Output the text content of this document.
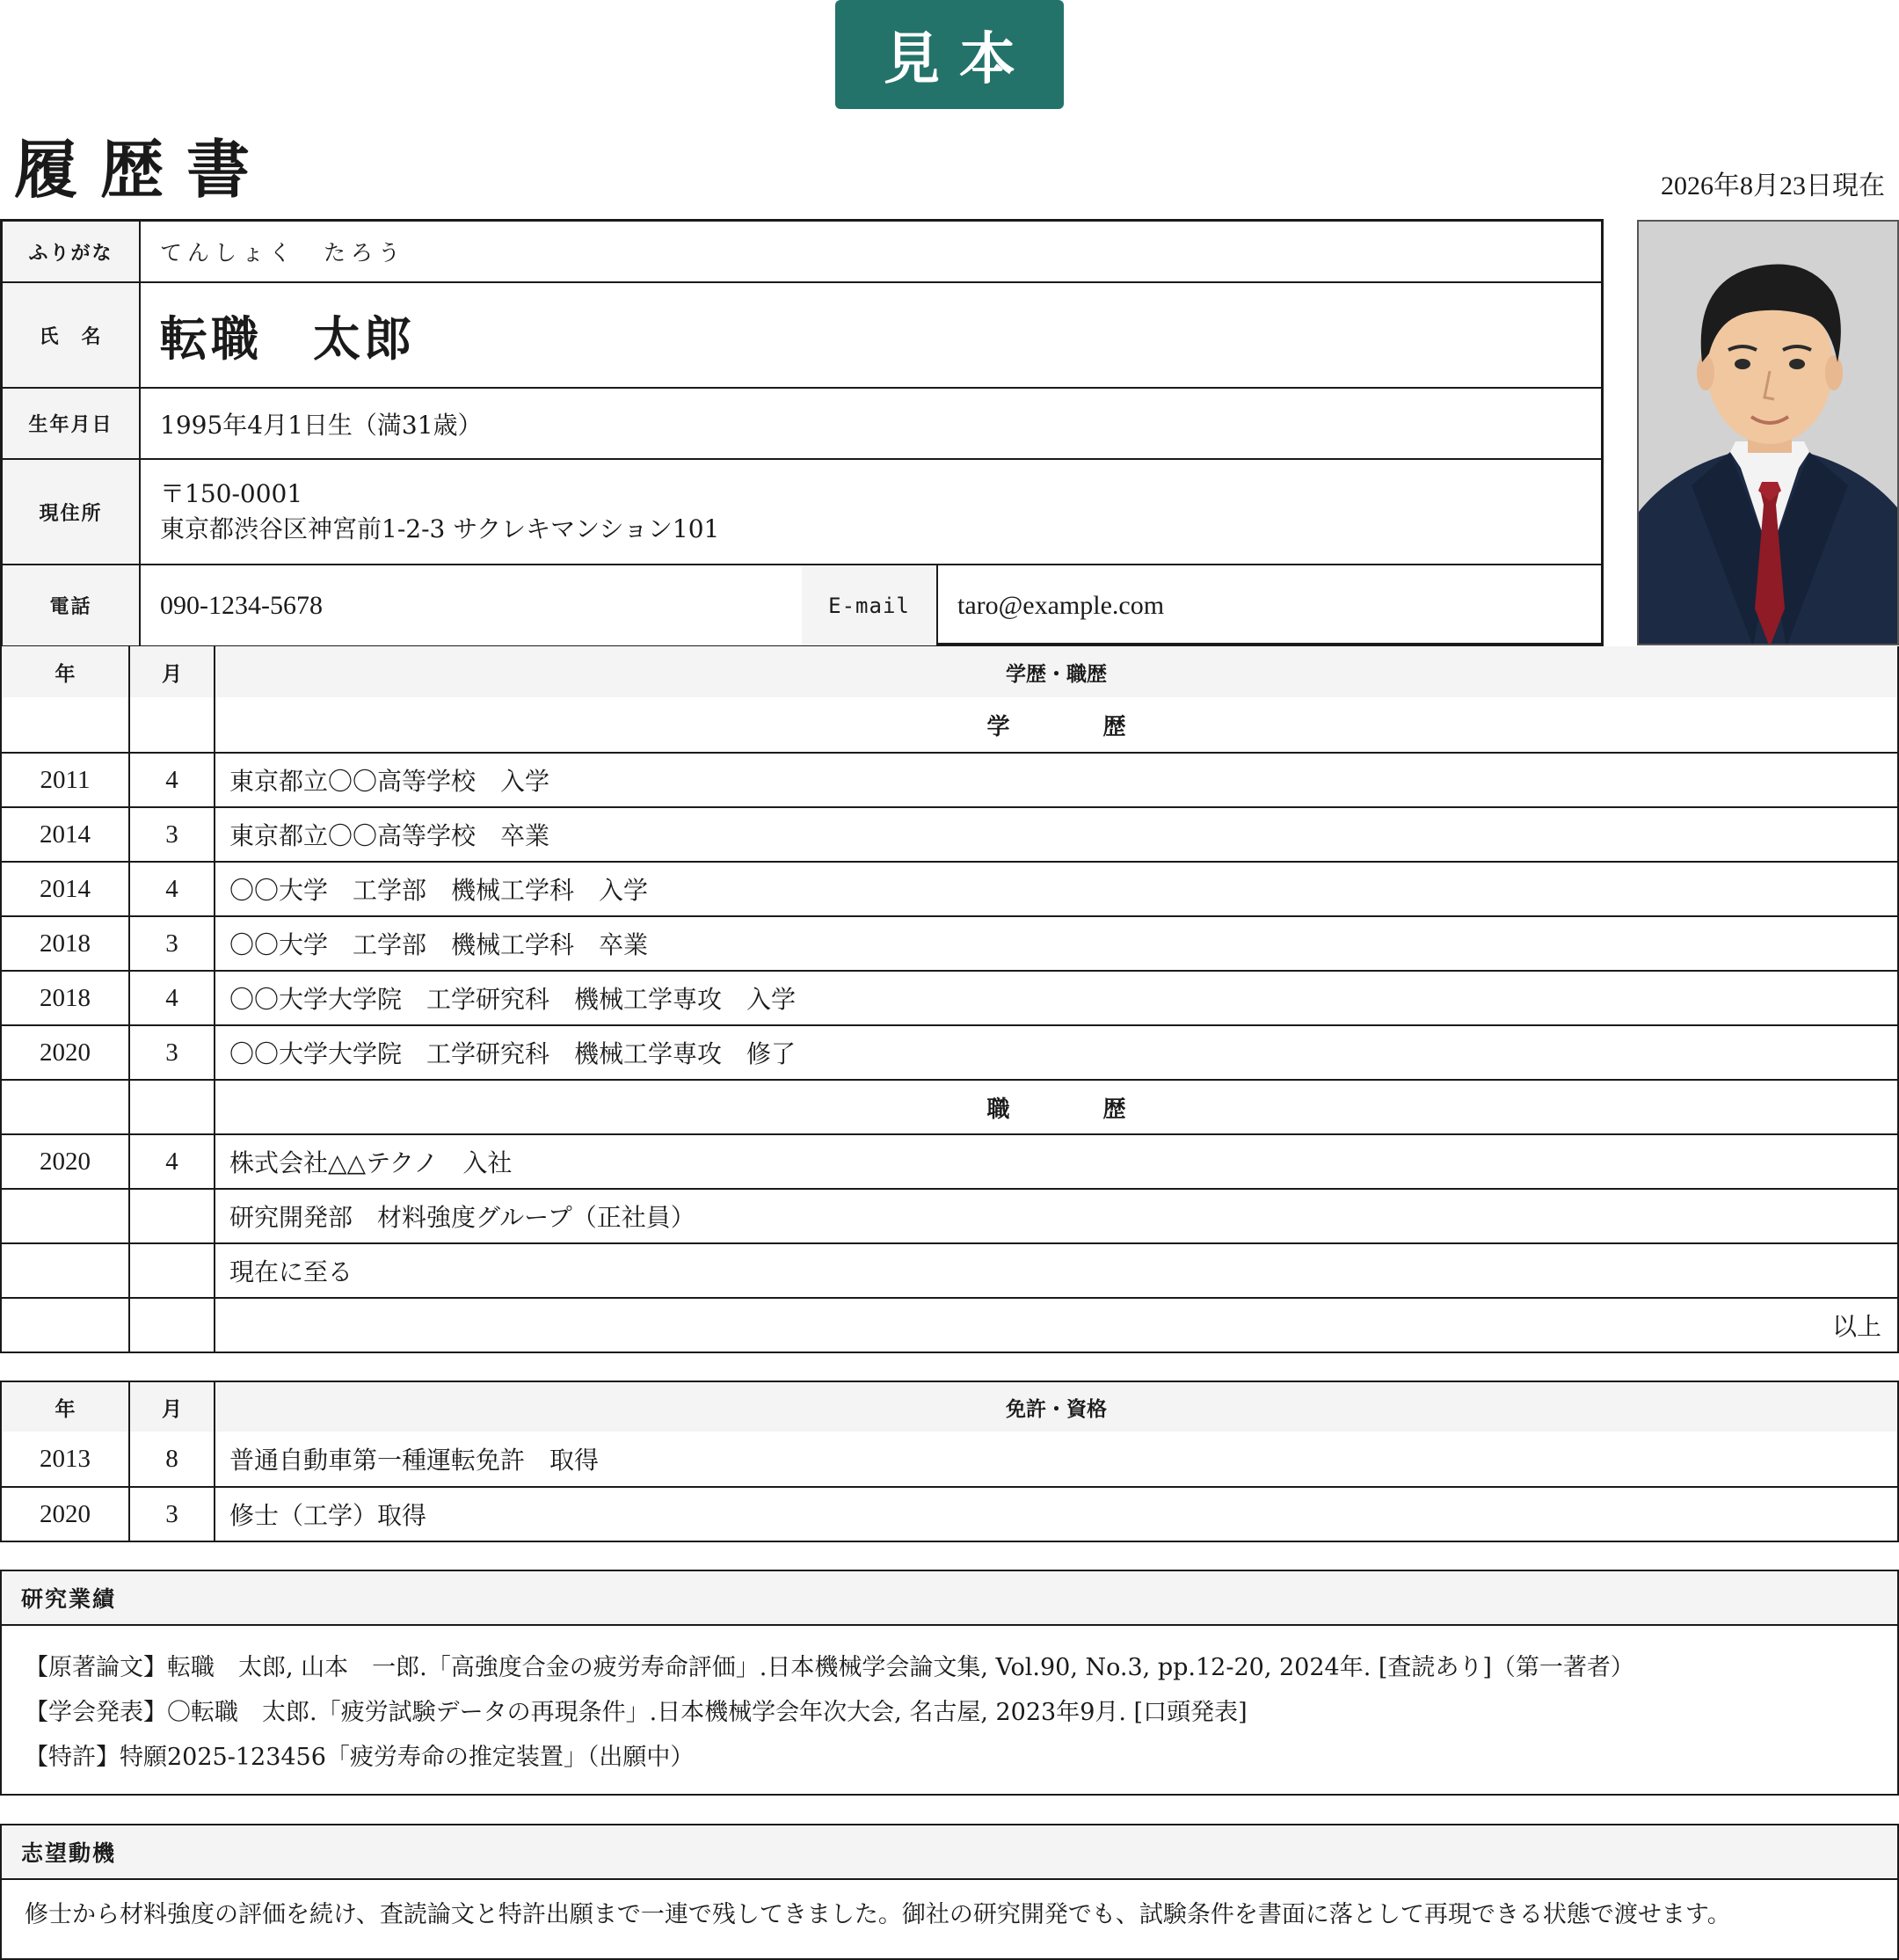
見本
履歴書	2026年8月23日現在
ふりがな	てんしょく　たろう
氏　名	転職　太郎
生年月日	1995年4月1日生（満31歳）
現住所
〒150-0001
東京都渋谷区神宮前1-2-3 サクレキマンション101
電話	090-1234-5678	E-mail	taro@example.com
年	月	学歴・職歴
学　歴
2011	4	東京都立〇〇高等学校　入学
2014	3	東京都立〇〇高等学校　卒業
2014	4	〇〇大学　工学部　機械工学科　入学
2018	3	〇〇大学　工学部　機械工学科　卒業
2018	4	〇〇大学大学院　工学研究科　機械工学専攻　入学
2020	3	〇〇大学大学院　工学研究科　機械工学専攻　修了
職　歴
2020	4	株式会社△△テクノ　入社
研究開発部　材料強度グループ（正社員）
現在に至る
以上
年	月	免許・資格
2013	8	普通自動車第一種運転免許　取得
2020	3	修士（工学）取得
研究業績
【原著論文】転職　太郎, 山本　一郎.「高強度合金の疲労寿命評価」.日本機械学会論文集, Vol.90, No.3, pp.12-20, 2024年. [査読あり]（第一著者）
【学会発表】〇転職　太郎.「疲労試験データの再現条件」.日本機械学会年次大会, 名古屋, 2023年9月. [口頭発表]
【特許】特願2025-123456「疲労寿命の推定装置」（出願中）
志望動機
修士から材料強度の評価を続け、査読論文と特許出願まで一連で残してきました。御社の研究開発でも、試験条件を書面に落として再現できる状態で渡せます。
